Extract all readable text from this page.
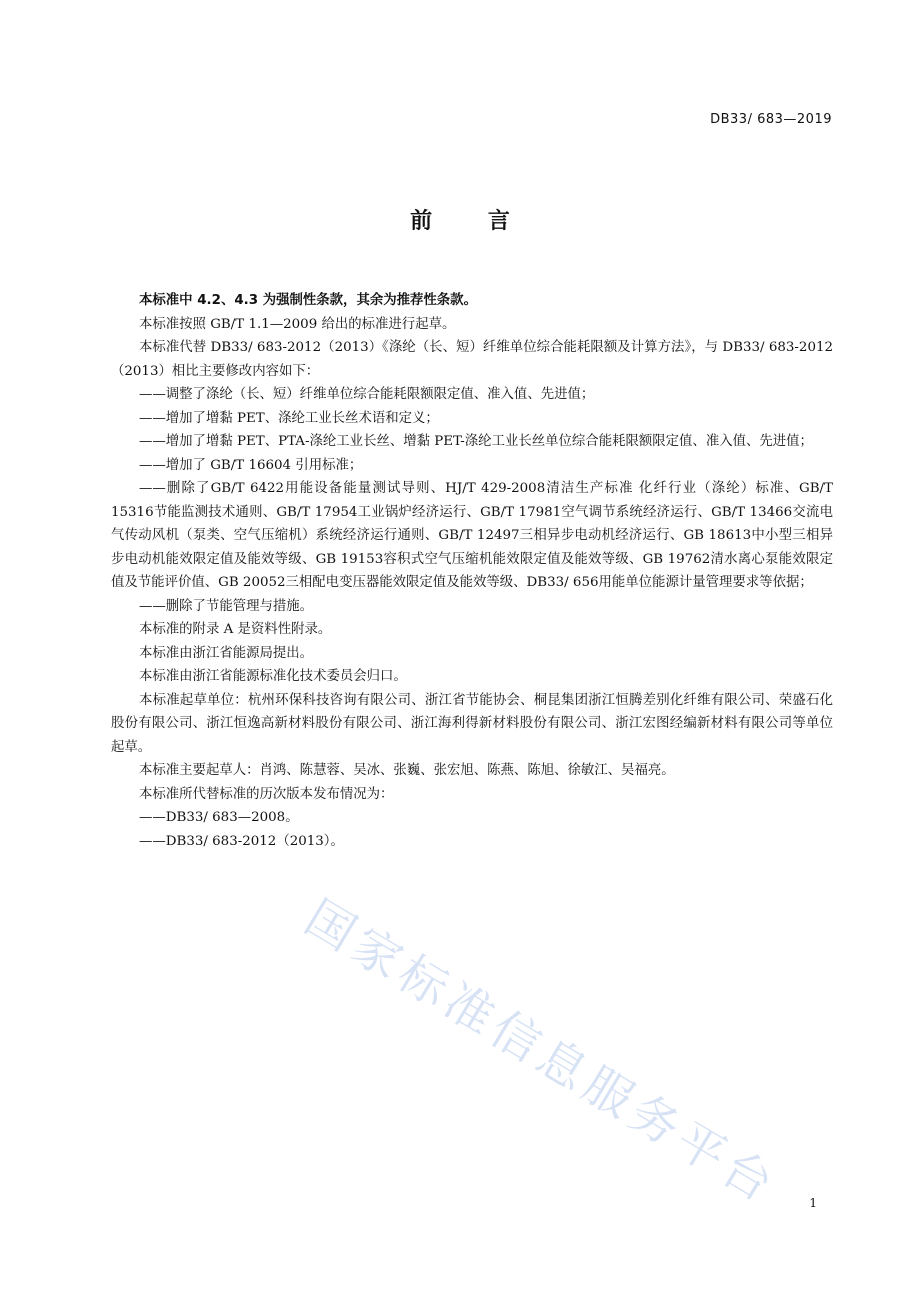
DB33/ 683—2019
前 言

本标准中 4.2、4.3 为强制性条款，其余为推荐性条款。

本标准按照 GB/T 1.1—2009 给出的标准进行起草。

本标准代替 DB33/ 683-2012（2013）《涤纶（长、短）纤维单位综合能耗限额及计算方法》，与 DB33/ 683-2012（2013）相比主要修改内容如下：

——调整了涤纶（长、短）纤维单位综合能耗限额限定值、准入值、先进值；

——增加了增黏 PET、涤纶工业长丝术语和定义；

——增加了增黏 PET、PTA-涤纶工业长丝、增黏 PET-涤纶工业长丝单位综合能耗限额限定值、准入值、先进值；

——增加了 GB/T 16604 引用标准；

——删除了GB/T 6422用能设备能量测试导则、HJ/T 429-2008清洁生产标准 化纤行业（涤纶）标准、GB/T 15316节能监测技术通则、GB/T 17954工业锅炉经济运行、GB/T 17981空气调节系统经济运行、GB/T 13466交流电气传动风机（泵类、空气压缩机）系统经济运行通则、GB/T 12497三相异步电动机经济运行、GB 18613中小型三相异步电动机能效限定值及能效等级、GB 19153容积式空气压缩机能效限定值及能效等级、GB 19762清水离心泵能效限定值及节能评价值、GB 20052三相配电变压器能效限定值及能效等级、DB33/ 656用能单位能源计量管理要求等依据；

——删除了节能管理与措施。

本标准的附录 A 是资料性附录。

本标准由浙江省能源局提出。

本标准由浙江省能源标准化技术委员会归口。

本标准起草单位：杭州环保科技咨询有限公司、浙江省节能协会、桐昆集团浙江恒腾差别化纤维有限公司、荣盛石化股份有限公司、浙江恒逸高新材料股份有限公司、浙江海利得新材料股份有限公司、浙江宏图经编新材料有限公司等单位起草。

本标准主要起草人：肖鸿、陈慧蓉、吴冰、张巍、张宏旭、陈燕、陈旭、徐敏江、吴福亮。

本标准所代替标准的历次版本发布情况为：

——DB33/ 683—2008。

——DB33/ 683-2012（2013）。

国家标准信息服务平台	1
